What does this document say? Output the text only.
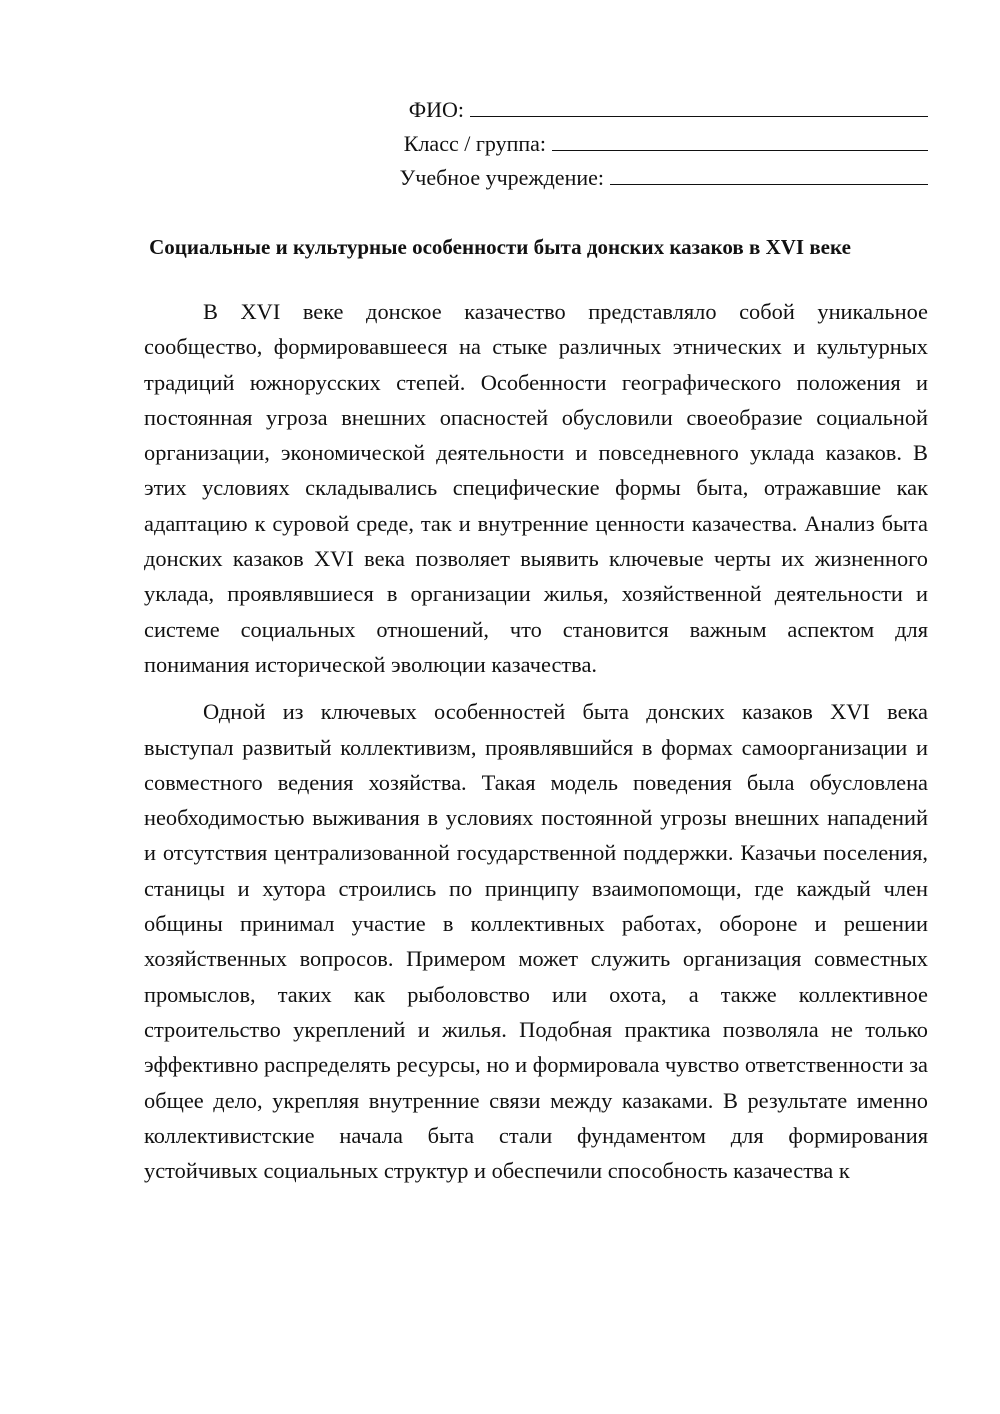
ФИО:
Класс / группа:
Учебное учреждение:
Социальные и культурные особенности быта донских казаков в XVI веке

В XVI веке донское казачество представляло собой уникальное сообщество, формировавшееся на стыке различных этнических и культурных традиций южнорусских степей. Особенности географического положения и постоянная угроза внешних опасностей обусловили своеобразие социальной организации, экономической деятельности и повседневного уклада казаков. В этих условиях складывались специфические формы быта, отражавшие как адаптацию к суровой среде, так и внутренние ценности казачества. Анализ быта донских казаков XVI века позволяет выявить ключевые черты их жизненного уклада, проявлявшиеся в организации жилья, хозяйственной деятельности и системе социальных отношений, что становится важным аспектом для понимания исторической эволюции казачества.

Одной из ключевых особенностей быта донских казаков XVI века выступал развитый коллективизм, проявлявшийся в формах самоорганизации и совместного ведения хозяйства. Такая модель поведения была обусловлена необходимостью выживания в условиях постоянной угрозы внешних нападений и отсутствия централизованной государственной поддержки. Казачьи поселения, станицы и хутора строились по принципу взаимопомощи, где каждый член общины принимал участие в коллективных работах, обороне и решении хозяйственных вопросов. Примером может служить организация совместных промыслов, таких как рыболовство или охота, а также коллективное строительство укреплений и жилья. Подобная практика позволяла не только эффективно распределять ресурсы, но и формировала чувство ответственности за общее дело, укрепляя внутренние связи между казаками. В результате именно коллективистские начала быта стали фундаментом для формирования устойчивых социальных структур и обеспечили способность казачества к
